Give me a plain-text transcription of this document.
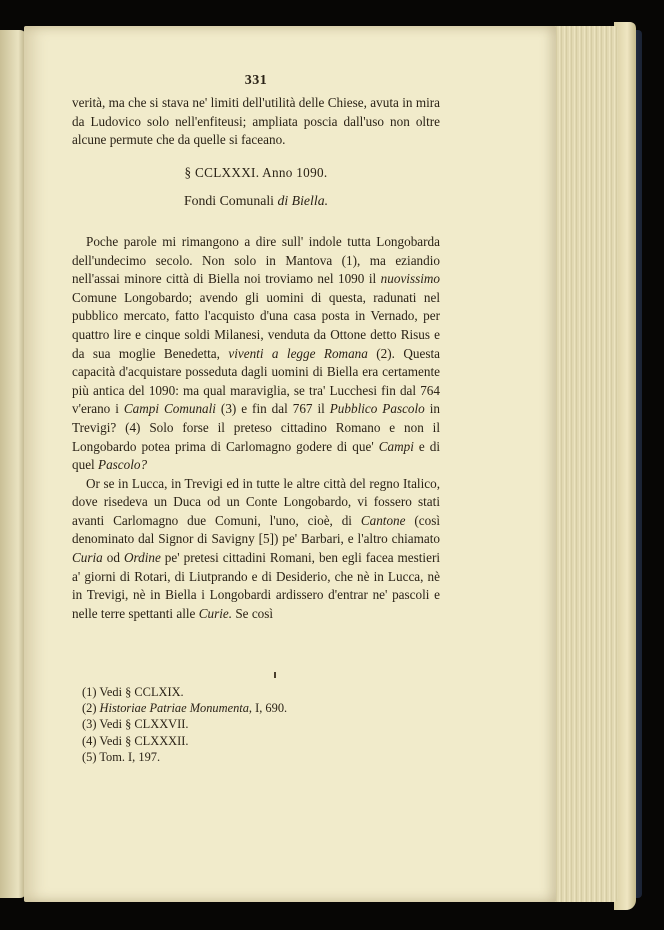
331

verità, ma che si stava ne' limiti dell'utilità delle Chiese, avuta in mira da Ludovico solo nell'enfiteusi; ampliata poscia dall'uso non oltre alcune permute che da quelle si faceano.

§ CCLXXXI. Anno 1090.
Fondi Comunali di Biella.

Poche parole mi rimangono a dire sull' indole tutta Longobarda dell'undecimo secolo. Non solo in Mantova (1), ma eziandio nell'assai minore città di Biella noi troviamo nel 1090 il nuovissimo Comune Longobardo; avendo gli uomini di questa, radunati nel pubblico mercato, fatto l'acquisto d'una casa posta in Vernado, per quattro lire e cinque soldi Milanesi, venduta da Ottone detto Risus e da sua moglie Benedetta, viventi a legge Romana (2). Questa capacità d'acquistare posseduta dagli uomini di Biella era certamente più antica del 1090: ma qual maraviglia, se tra' Lucchesi fin dal 764 v'erano i Campi Comunali (3) e fin dal 767 il Pubblico Pascolo in Trevigi? (4) Solo forse il preteso cittadino Romano e non il Longobardo potea prima di Carlomagno godere di que' Campi e di quel Pascolo?

Or se in Lucca, in Trevigi ed in tutte le altre città del regno Italico, dove risedeva un Duca od un Conte Longobardo, vi fossero stati avanti Carlomagno due Comuni, l'uno, cioè, di Cantone (così denominato dal Signor di Savigny [5]) pe' Barbari, e l'altro chiamato Curia od Ordine pe' pretesi cittadini Romani, ben egli facea mestieri a' giorni di Rotari, di Liutprando e di Desiderio, che nè in Lucca, nè in Trevigi, nè in Biella i Longobardi ardissero d'entrar ne' pascoli e nelle terre spettanti alle Curie. Se così

(1) Vedi § CCLXIX.
(2) Historiae Patriae Monumenta, I, 690.
(3) Vedi § CLXXVII.
(4) Vedi § CLXXXII.
(5) Tom. I, 197.
